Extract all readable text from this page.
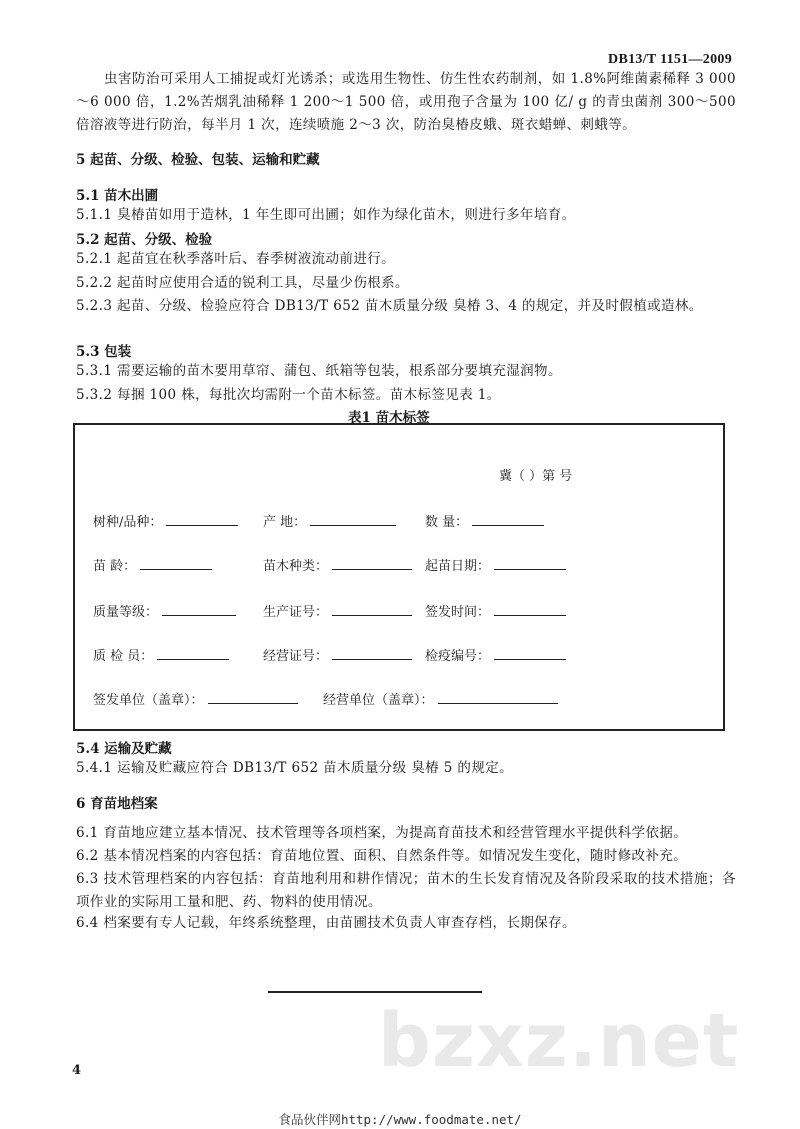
DB13/T 1151—2009
虫害防治可采用人工捕捉或灯光诱杀；或选用生物性、仿生性农药制剂，如 1.8%阿维菌素稀释 3 000 ～6 000 倍，1.2%苦烟乳油稀释 1 200～1 500 倍，或用孢子含量为 100 亿/ g 的青虫菌剂 300～500 倍溶液等进行防治，每半月 1 次，连续喷施 2～3 次，防治臭椿皮蛾、斑衣蜡蝉、刺蛾等。
5 起苗、分级、检验、包装、运输和贮藏
5.1 苗木出圃
5.1.1 臭椿苗如用于造林，1 年生即可出圃；如作为绿化苗木，则进行多年培育。
5.2 起苗、分级、检验
5.2.1 起苗宜在秋季落叶后、春季树液流动前进行。
5.2.2 起苗时应使用合适的锐利工具，尽量少伤根系。
5.2.3 起苗、分级、检验应符合 DB13/T 652 苗木质量分级 臭椿 3、4 的规定，并及时假植或造林。
5.3 包装
5.3.1 需要运输的苗木要用草帘、蒲包、纸箱等包装，根系部分要填充湿润物。
5.3.2 每捆 100 株，每批次均需附一个苗木标签。苗木标签见表 1。
表1 苗木标签
冀（ ）第 号
树种/品种：	产 地：	数 量：
苗 龄：	苗木种类：	起苗日期：
质量等级：	生产证号：	签发时间：
质 检 员：	经营证号：	检疫编号：
签发单位（盖章）：	经营单位（盖章）：
5.4 运输及贮藏
5.4.1 运输及贮藏应符合 DB13/T 652 苗木质量分级 臭椿 5 的规定。
6 育苗地档案
6.1 育苗地应建立基本情况、技术管理等各项档案，为提高育苗技术和经营管理水平提供科学依据。
6.2 基本情况档案的内容包括：育苗地位置、面积、自然条件等。如情况发生变化，随时修改补充。
6.3 技术管理档案的内容包括：育苗地利用和耕作情况；苗木的生长发育情况及各阶段采取的技术措施；各项作业的实际用工量和肥、药、物料的使用情况。
6.4 档案要有专人记载，年终系统整理，由苗圃技术负责人审查存档，长期保存。
bzxz.net
4
食品伙伴网http://www.foodmate.net/
